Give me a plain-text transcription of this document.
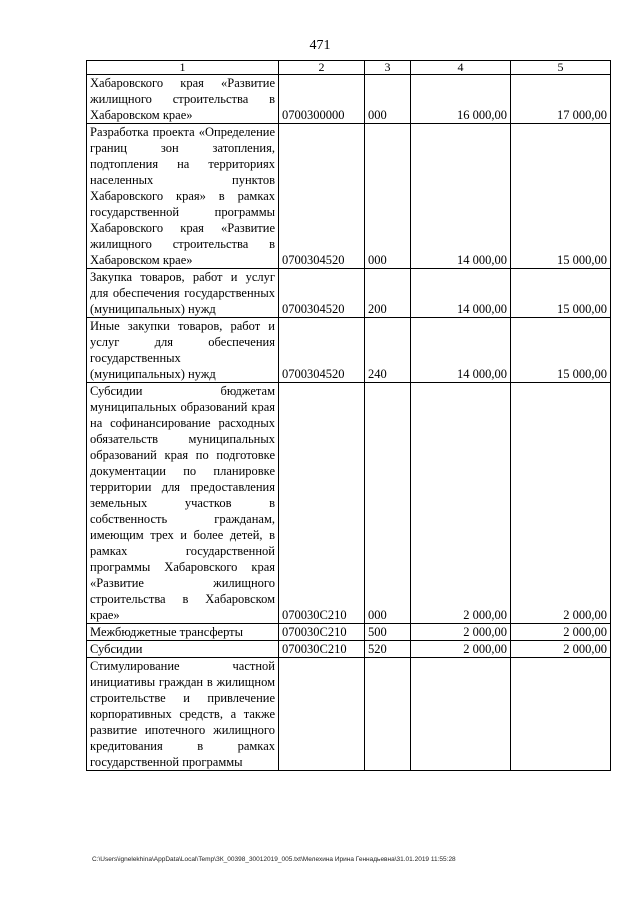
471
1	2	3	4	5
Хабаровского края «Развитие жилищного строительства в Хабаровском крае»	0700300000	000	16 000,00	17 000,00
Разработка проекта «Определение границ зон затопления, подтопления на территориях населенных пунктов Хабаровского края» в рамках государственной программы Хабаровского края «Развитие жилищного строительства в Хабаровском крае»	0700304520	000	14 000,00	15 000,00
Закупка товаров, работ и услуг для обеспечения государственных (муниципальных) нужд	0700304520	200	14 000,00	15 000,00
Иные закупки товаров, работ и услуг для обеспечения государственных (муниципальных) нужд	0700304520	240	14 000,00	15 000,00
Субсидии бюджетам муниципальных образований края на софинансирование расходных обязательств муниципальных образований края по подготовке документации по планировке территории для предоставления земельных участков в собственность гражданам, имеющим трех и более детей, в рамках государственной программы Хабаровского края «Развитие жилищного строительства в Хабаровском крае»	070030С210	000	2 000,00	2 000,00
Межбюджетные трансферты	070030С210	500	2 000,00	2 000,00
Субсидии	070030С210	520	2 000,00	2 000,00
Стимулирование частной инициативы граждан в жилищном строительстве и привлечение корпоративных средств, а также развитие ипотечного жилищного кредитования в рамках государственной программы				
C:\Users\ignelekhina\AppData\Local\Temp\ЗК_00398_30012019_005.txt\Мелехина Ирина Геннадьевна\31.01.2019 11:55:28
